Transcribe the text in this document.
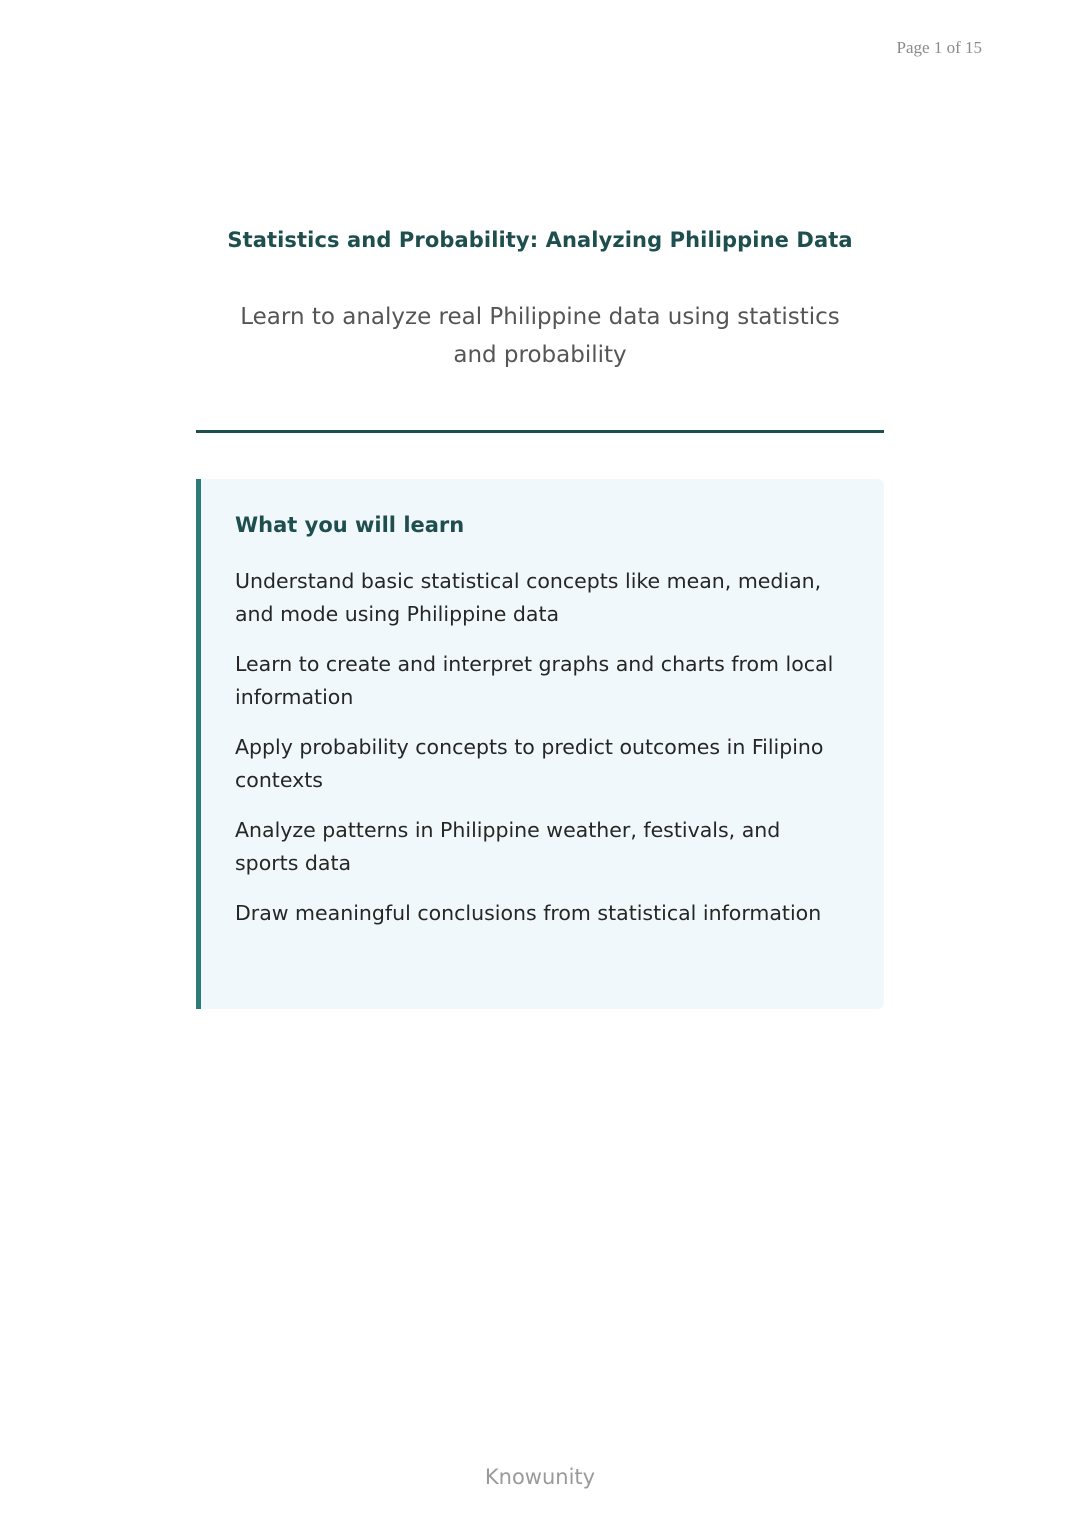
Page 1 of 15
Statistics and Probability: Analyzing Philippine Data
Learn to analyze real Philippine data using statistics and probability
What you will learn
Understand basic statistical concepts like mean, median, and mode using Philippine data
Learn to create and interpret graphs and charts from local information
Apply probability concepts to predict outcomes in Filipino contexts
Analyze patterns in Philippine weather, festivals, and sports data
Draw meaningful conclusions from statistical information
Knowunity
